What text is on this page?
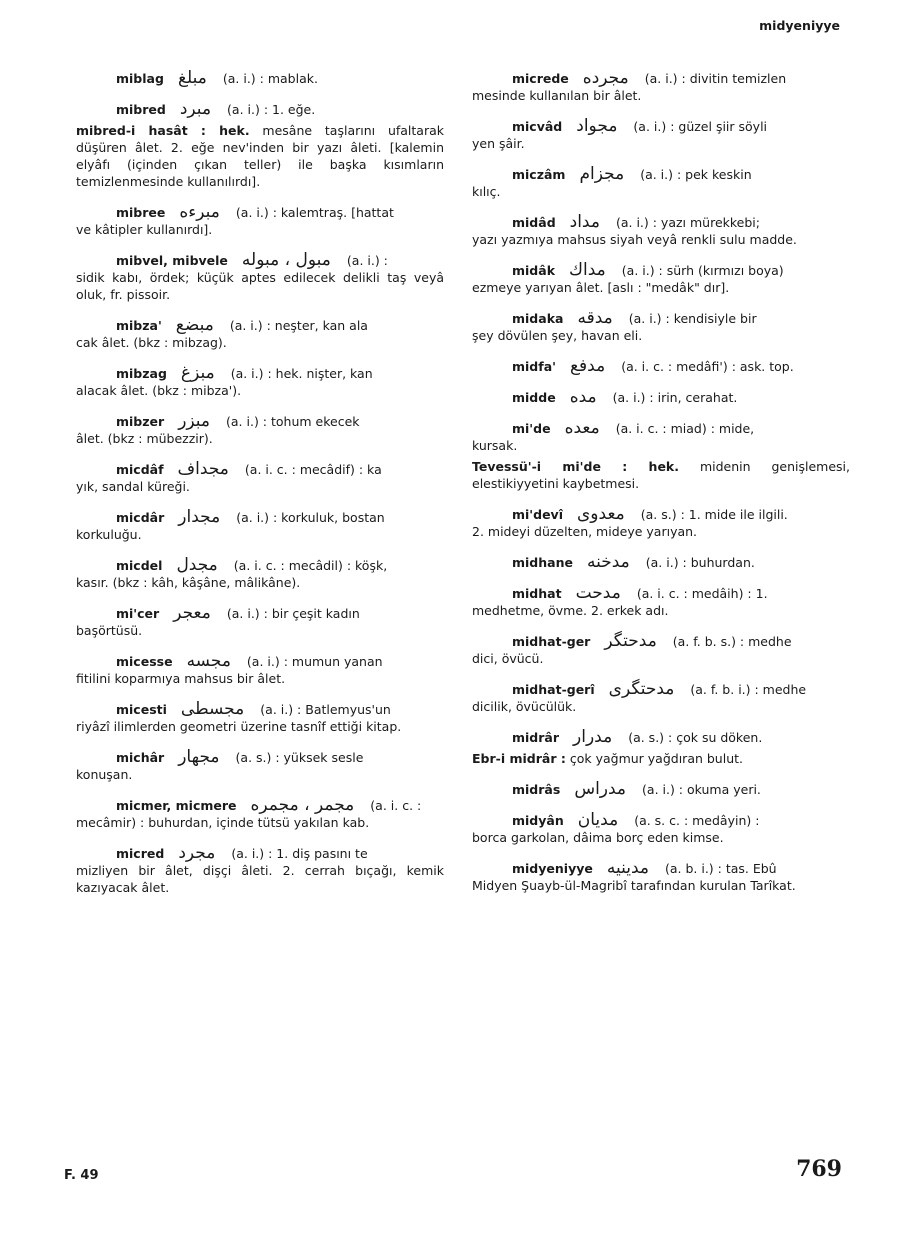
midyeniyye
miblag مبلغ (a. i.) : mablak.
mibred مبرد (a. i.) : 1. eğe.
mibred-i hasât : hek. mesâne taşlarını ufaltarak düşüren âlet. 2. eğe nev'inden bir yazı âleti. [kalemin elyâfı (içinden çıkan teller) ile başka kısımların temizlenmesinde kullanılırdı].
mibree مبرءه (a. i.) : kalemtraş. [hattat
ve kâtipler kullanırdı].
mibvel, mibvele مبول ، مبوله (a. i.) :
sidik kabı, ördek; küçük aptes edilecek delikli taş veyâ oluk, fr. pissoir.
mibza' مبضع (a. i.) : neşter, kan ala
cak âlet. (bkz : mibzag).
mibzag مبزغ (a. i.) : hek. nişter, kan
alacak âlet. (bkz : mibza').
mibzer مبزر (a. i.) : tohum ekecek
âlet. (bkz : mübezzir).
micdâf مجداف (a. i. c. : mecâdif) : ka
yık, sandal küreği.
micdâr مجدار (a. i.) : korkuluk, bostan
korkuluğu.
micdel مجدل (a. i. c. : mecâdil) : köşk,
kasır. (bkz : kâh, kâşâne, mâlikâne).
mi'cer معجر (a. i.) : bir çeşit kadın
başörtüsü.
micesse مجسه (a. i.) : mumun yanan
fitilini koparmıya mahsus bir âlet.
micesti مجسطی (a. i.) : Batlemyus'un
riyâzî ilimlerden geometri üzerine tasnîf ettiği kitap.
michâr مجهار (a. s.) : yüksek sesle
konuşan.
micmer, micmere مجمر ، مجمره (a. i. c. :
mecâmir) : buhurdan, içinde tütsü yakılan kab.
micred مجرد (a. i.) : 1. diş pasını te
mizliyen bir âlet, dişçi âleti. 2. cerrah bıçağı, kemik kazıyacak âlet.
micrede مجرده (a. i.) : divitin temizlen
mesinde kullanılan bir âlet.
micvâd مجواد (a. i.) : güzel şiir söyli
yen şâir.
miczâm مجزام (a. i.) : pek keskin
kılıç.
midâd مداد (a. i.) : yazı mürekkebi;
yazı yazmıya mahsus siyah veyâ renkli sulu madde.
midâk مداك (a. i.) : sürh (kırmızı boya)
ezmeye yarıyan âlet. [aslı : "medâk" dır].
midaka مدقه (a. i.) : kendisiyle bir
şey dövülen şey, havan eli.
midfa' مدفع (a. i. c. : medâfi') : ask. top.
midde مده (a. i.) : irin, cerahat.
mi'de معده (a. i. c. : miad) : mide,
kursak.
Tevessü'-i mi'de : hek. midenin genişlemesi, elestikiyyetini kaybetmesi.
mi'devî معدوی (a. s.) : 1. mide ile ilgili.
2. mideyi düzelten, mideye yarıyan.
midhane مدخنه (a. i.) : buhurdan.
midhat مدحت (a. i. c. : medâih) : 1.
medhetme, övme. 2. erkek adı.
midhat-ger مدحتگر (a. f. b. s.) : medhe
dici, övücü.
midhat-gerî مدحتگری (a. f. b. i.) : medhe
dicilik, övücülük.
midrâr مدرار (a. s.) : çok su döken.
Ebr-i midrâr : çok yağmur yağdıran bulut.
midrâs مدراس (a. i.) : okuma yeri.
midyân مديان (a. s. c. : medâyin) :
borca garkolan, dâima borç eden kimse.
midyeniyye مدينيه (a. b. i.) : tas. Ebû
Midyen Şuayb-ül-Magribî tarafından kurulan Tarîkat.
F. 49	769
